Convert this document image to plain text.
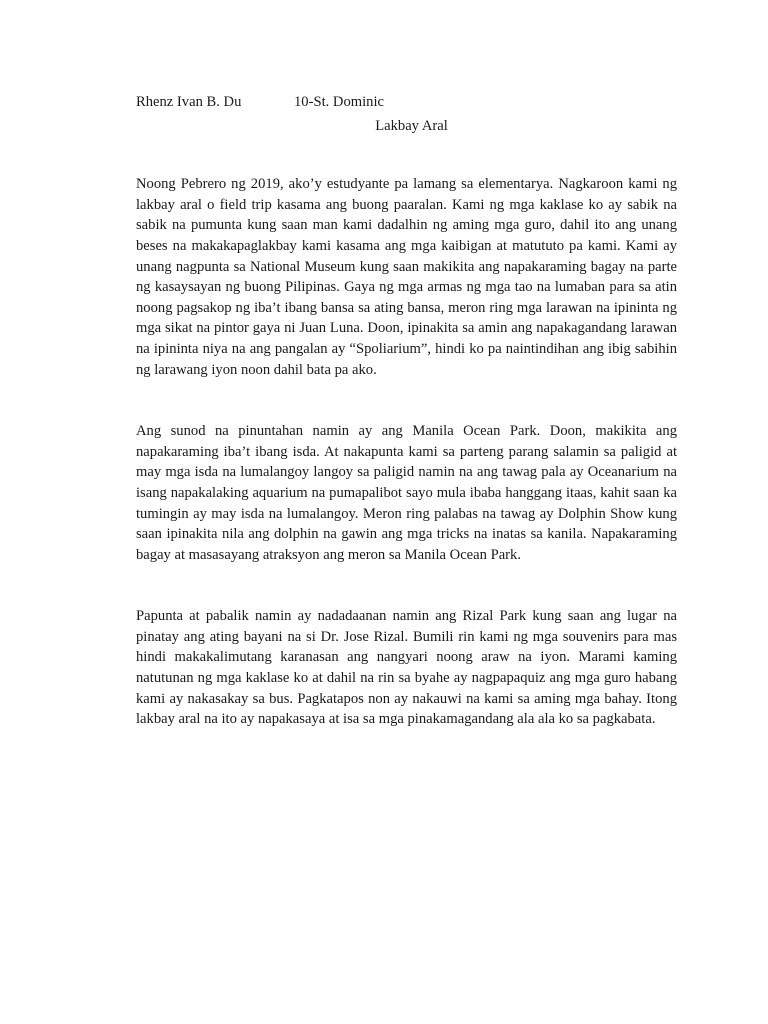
Rhenz Ivan B. Du	10-St. Dominic
Lakbay Aral

Noong Pebrero ng 2019, ako’y estudyante pa lamang sa elementarya. Nagkaroon kami ng lakbay aral o field trip kasama ang buong paaralan. Kami ng mga kaklase ko ay sabik na sabik na pumunta kung saan man kami dadalhin ng aming mga guro, dahil ito ang unang beses na makakapaglakbay kami kasama ang mga kaibigan at matututo pa kami. Kami ay unang nagpunta sa National Museum kung saan makikita ang napakaraming bagay na parte ng kasaysayan ng buong Pilipinas. Gaya ng mga armas ng mga tao na lumaban para sa atin noong pagsakop ng iba’t ibang bansa sa ating bansa, meron ring mga larawan na ipininta ng mga sikat na pintor gaya ni Juan Luna. Doon, ipinakita sa amin ang napakagandang larawan na ipininta niya na ang pangalan ay “Spoliarium”, hindi ko pa naintindihan ang ibig sabihin ng larawang iyon noon dahil bata pa ako.

Ang sunod na pinuntahan namin ay ang Manila Ocean Park. Doon, makikita ang napakaraming iba’t ibang isda. At nakapunta kami sa parteng parang salamin sa paligid at may mga isda na lumalangoy langoy sa paligid namin na ang tawag pala ay Oceanarium na isang napakalaking aquarium na pumapalibot sayo mula ibaba hanggang itaas, kahit saan ka tumingin ay may isda na lumalangoy. Meron ring palabas na tawag ay Dolphin Show kung saan ipinakita nila ang dolphin na gawin ang mga tricks na inatas sa kanila. Napakaraming bagay at masasayang atraksyon ang meron sa Manila Ocean Park.

Papunta at pabalik namin ay nadadaanan namin ang Rizal Park kung saan ang lugar na pinatay ang ating bayani na si Dr. Jose Rizal. Bumili rin kami ng mga souvenirs para mas hindi makakalimutang karanasan ang nangyari noong araw na iyon. Marami kaming natutunan ng mga kaklase ko at dahil na rin sa byahe ay nagpapaquiz ang mga guro habang kami ay nakasakay sa bus. Pagkatapos non ay nakauwi na kami sa aming mga bahay. Itong lakbay aral na ito ay napakasaya at isa sa mga pinakamagandang ala ala ko sa pagkabata.
